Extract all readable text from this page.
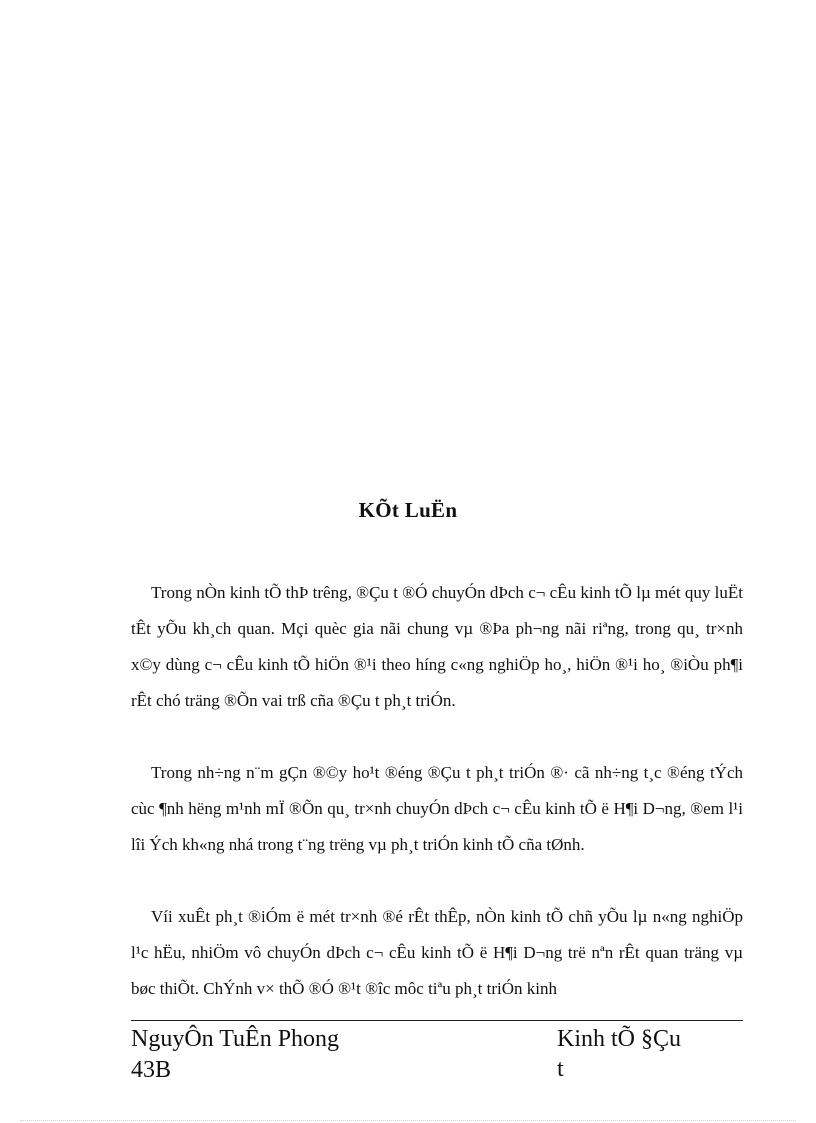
KÕt LuËn

Trong nÒn kinh tÕ thÞ trêng, ®Çu t ®Ó chuyÓn dÞch c¬ cÊu kinh tÕ lµ mét quy luËt tÊt yÕu kh¸ch quan. Mçi quèc gia nãi chung vµ ®Þa ph¬ng nãi riªng, trong qu¸ tr×nh x©y dùng c¬ cÊu kinh tÕ hiÖn ®¹i theo híng c«ng nghiÖp ho¸, hiÖn ®¹i ho¸ ®iÒu ph¶i rÊt chó träng ®Õn vai trß cña ®Çu t ph¸t triÓn.

Trong nh÷ng n¨m gÇn ®©y ho¹t ®éng ®Çu t ph¸t triÓn ®· cã nh÷ng t¸c ®éng tÝch cùc ¶nh hëng m¹nh mÏ ®Õn qu¸ tr×nh chuyÓn dÞch c¬ cÊu kinh tÕ ë H¶i D¬ng, ®em l¹i lîi Ých kh«ng nhá trong t¨ng trëng vµ ph¸t triÓn kinh tÕ cña tØnh.

Víi xuÊt ph¸t ®iÓm ë mét tr×nh ®é rÊt thÊp, nÒn kinh tÕ chñ yÕu lµ n«ng nghiÖp l¹c hËu, nhiÖm vô chuyÓn dÞch c¬ cÊu kinh tÕ ë H¶i D¬ng trë nªn rÊt quan träng vµ bøc thiÕt. ChÝnh v× thÕ ®Ó ®¹t ®îc môc tiªu ph¸t triÓn kinh

NguyÔn TuÊn Phong	Kinh tÕ §Çu t
43B
